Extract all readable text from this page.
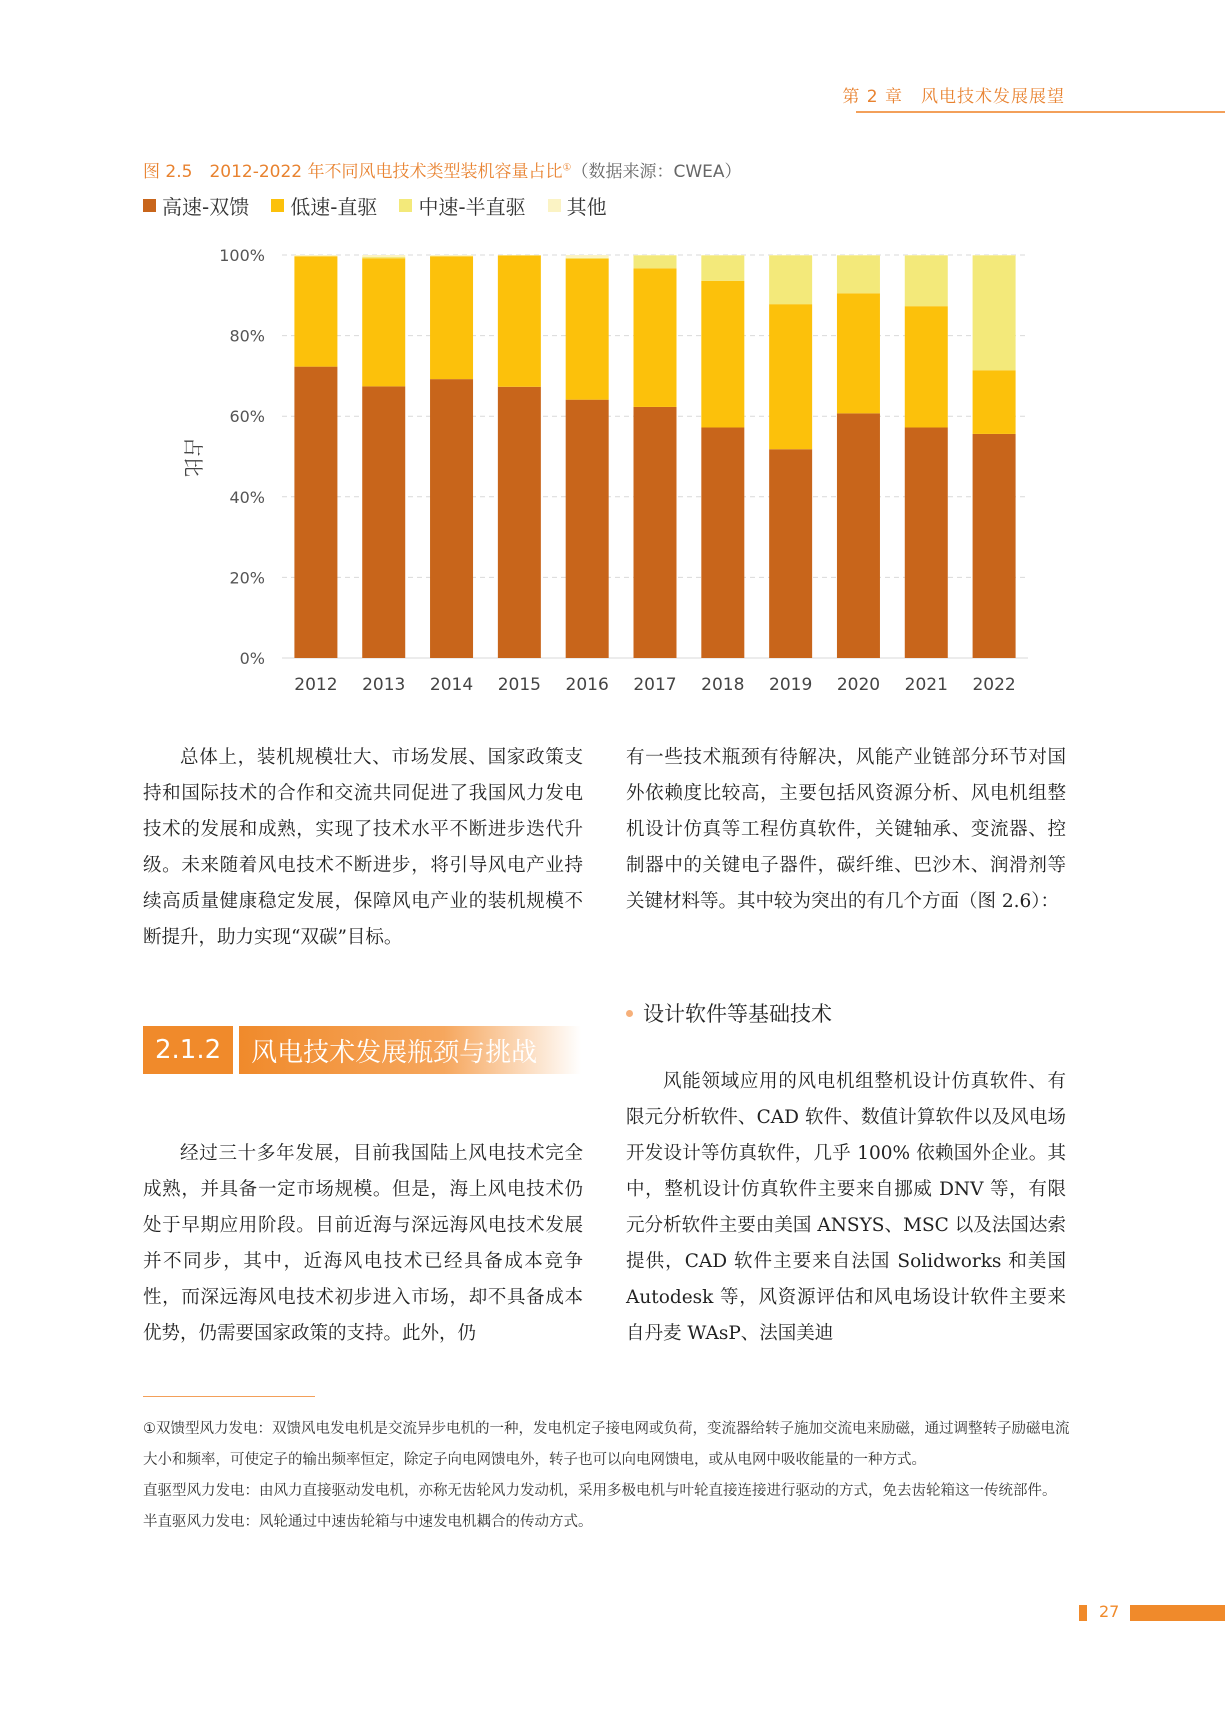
第 2 章　风电技术发展展望
图 2.5　2012-2022 年不同风电技术类型装机容量占比①（数据来源：CWEA）
高速-双馈 低速-直驱 中速-半直驱 其他
0%
20%
40%
60%
80%
100%
占比
2012 2013 2014 2015 2016 2017 2018 2019 2020 2021 2022

总体上，装机规模壮大、市场发展、国家政策支持和国际技术的合作和交流共同促进了我国风力发电技术的发展和成熟，实现了技术水平不断进步迭代升级。未来随着风电技术不断进步，将引导风电产业持续高质量健康稳定发展，保障风电产业的装机规模不断提升，助力实现“双碳”目标。

2.1.2	风电技术发展瓶颈与挑战

经过三十多年发展，目前我国陆上风电技术完全成熟，并具备一定市场规模。但是，海上风电技术仍处于早期应用阶段。目前近海与深远海风电技术发展并不同步，其中，近海风电技术已经具备成本竞争性，而深远海风电技术初步进入市场，却不具备成本优势，仍需要国家政策的支持。此外，仍

有一些技术瓶颈有待解决，风能产业链部分环节对国外依赖度比较高，主要包括风资源分析、风电机组整机设计仿真等工程仿真软件，关键轴承、变流器、控制器中的关键电子器件，碳纤维、巴沙木、润滑剂等关键材料等。其中较为突出的有几个方面（图 2.6）：

设计软件等基础技术

风能领域应用的风电机组整机设计仿真软件、有限元分析软件、CAD 软件、数值计算软件以及风电场开发设计等仿真软件，几乎 100% 依赖国外企业。其中，整机设计仿真软件主要来自挪威 DNV 等，有限元分析软件主要由美国 ANSYS、MSC 以及法国达索提供，CAD 软件主要来自法国 Solidworks 和美国 Autodesk 等，风资源评估和风电场设计软件主要来自丹麦 WAsP、法国美迪

①双馈型风力发电：双馈风电发电机是交流异步电机的一种，发电机定子接电网或负荷，变流器给转子施加交流电来励磁，通过调整转子励磁电流大小和频率，可使定子的输出频率恒定，除定子向电网馈电外，转子也可以向电网馈电，或从电网中吸收能量的一种方式。

直驱型风力发电：由风力直接驱动发电机，亦称无齿轮风力发动机，采用多极电机与叶轮直接连接进行驱动的方式，免去齿轮箱这一传统部件。

半直驱风力发电：风轮通过中速齿轮箱与中速发电机耦合的传动方式。

27
